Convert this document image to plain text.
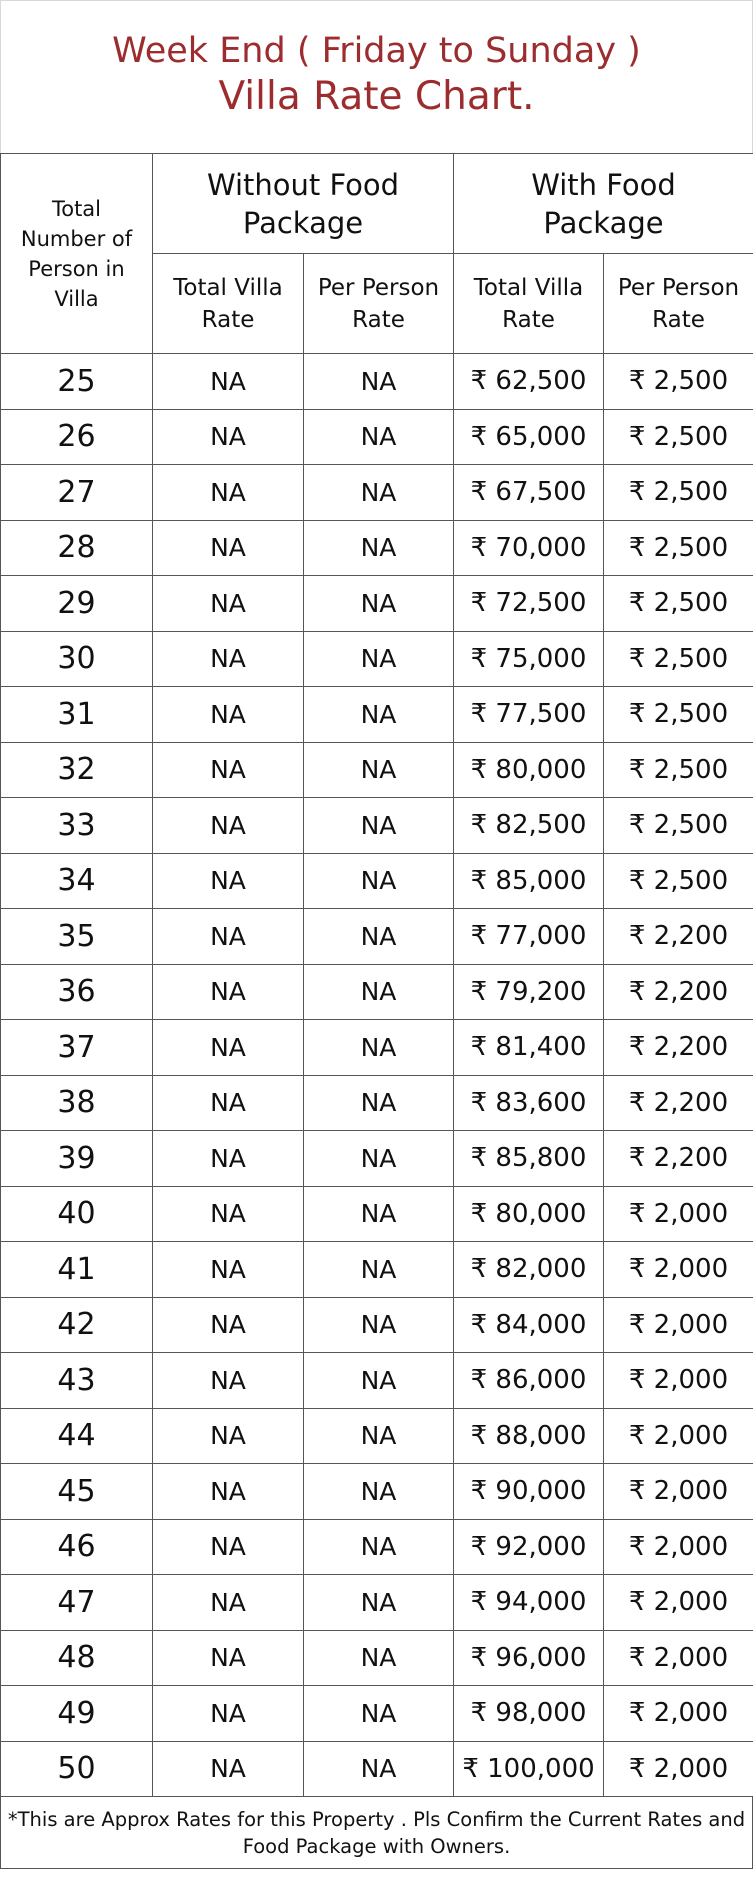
Week End ( Friday to Sunday )
Villa Rate Chart.
Total Number of Person in Villa	Without Food Package		With Food Package	

	Total Villa Rate	Per Person Rate	Total Villa Rate	Per Person Rate

25	NA	NA	₹ 62,500	₹ 2,500
26	NA	NA	₹ 65,000	₹ 2,500
27	NA	NA	₹ 67,500	₹ 2,500
28	NA	NA	₹ 70,000	₹ 2,500
29	NA	NA	₹ 72,500	₹ 2,500
30	NA	NA	₹ 75,000	₹ 2,500
31	NA	NA	₹ 77,500	₹ 2,500
32	NA	NA	₹ 80,000	₹ 2,500
33	NA	NA	₹ 82,500	₹ 2,500
34	NA	NA	₹ 85,000	₹ 2,500
35	NA	NA	₹ 77,000	₹ 2,200
36	NA	NA	₹ 79,200	₹ 2,200
37	NA	NA	₹ 81,400	₹ 2,200
38	NA	NA	₹ 83,600	₹ 2,200
39	NA	NA	₹ 85,800	₹ 2,200
40	NA	NA	₹ 80,000	₹ 2,000
41	NA	NA	₹ 82,000	₹ 2,000
42	NA	NA	₹ 84,000	₹ 2,000
43	NA	NA	₹ 86,000	₹ 2,000
44	NA	NA	₹ 88,000	₹ 2,000
45	NA	NA	₹ 90,000	₹ 2,000
46	NA	NA	₹ 92,000	₹ 2,000
47	NA	NA	₹ 94,000	₹ 2,000
48	NA	NA	₹ 96,000	₹ 2,000
49	NA	NA	₹ 98,000	₹ 2,000
50	NA	NA	₹ 100,000	₹ 2,000
*This are Approx Rates for this Property . Pls Confirm the Current Rates and Food Package with Owners.
